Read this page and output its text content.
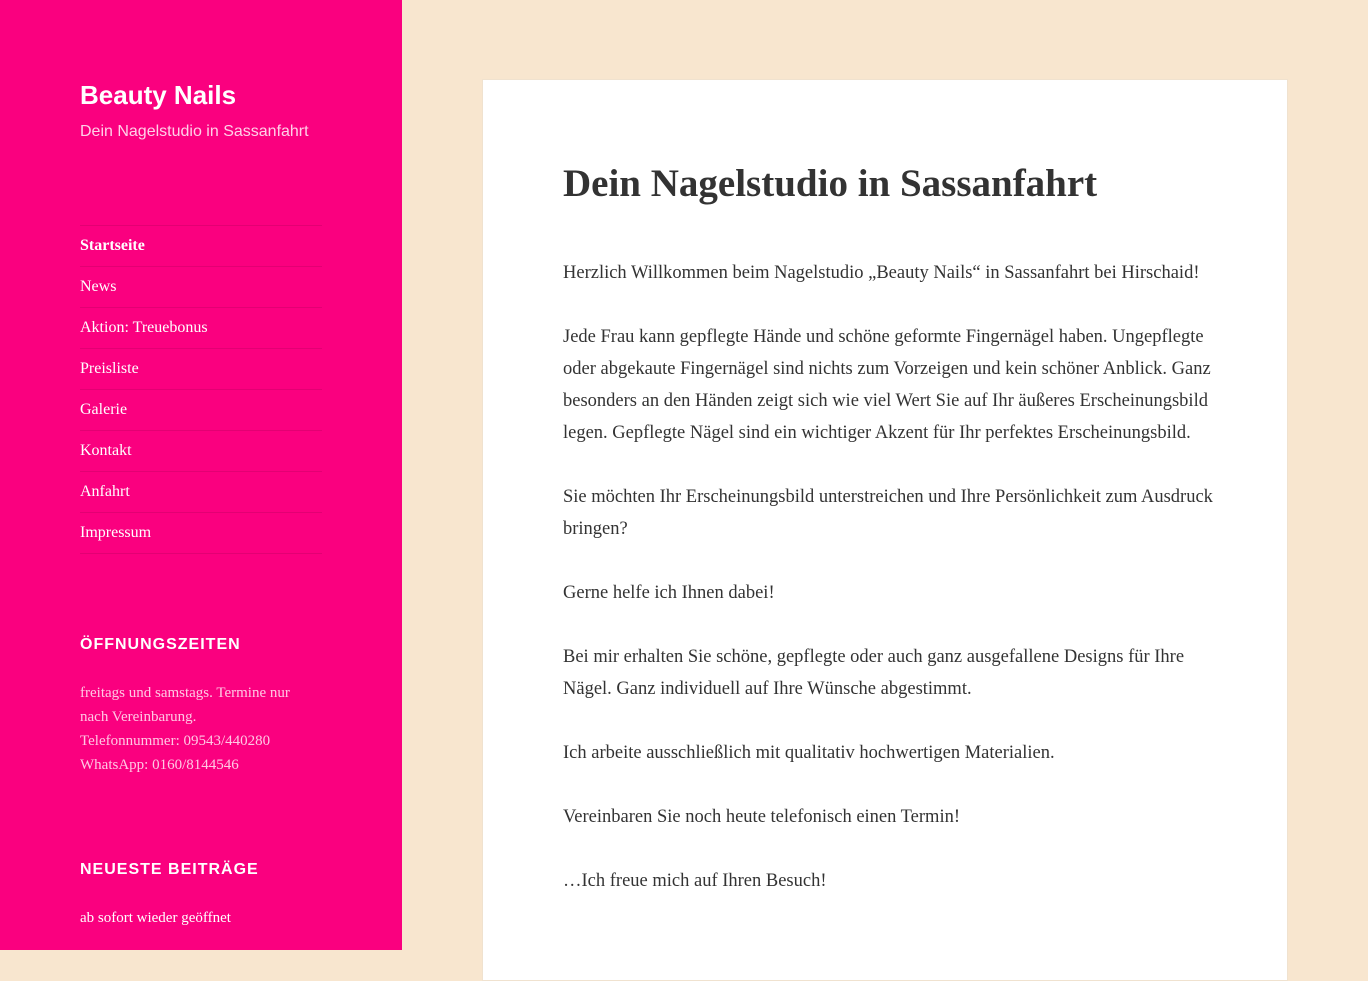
Beauty Nails
Dein Nagelstudio in Sassanfahrt
Startseite
News
Aktion: Treuebonus
Preisliste
Galerie
Kontakt
Anfahrt
Impressum
ÖFFNUNGSZEITEN
freitags und samstags. Termine nur
nach Vereinbarung.
Telefonnummer: 09543/440280
WhatsApp: 0160/8144546
NEUESTE BEITRÄGE
ab sofort wieder geöffnet
Dein Nagelstudio in Sassanfahrt

Herzlich Willkommen beim Nagelstudio „Beauty Nails“ in Sassanfahrt bei Hirschaid!

Jede Frau kann gepflegte Hände und schöne geformte Fingernägel haben. Ungepflegte oder abgekaute Fingernägel sind nichts zum Vorzeigen und kein schöner Anblick. Ganz besonders an den Händen zeigt sich wie viel Wert Sie auf Ihr äußeres Erscheinungsbild legen. Gepflegte Nägel sind ein wichtiger Akzent für Ihr perfektes Erscheinungsbild.

Sie möchten Ihr Erscheinungsbild unterstreichen und Ihre Persönlichkeit zum Ausdruck bringen?

Gerne helfe ich Ihnen dabei!

Bei mir erhalten Sie schöne, gepflegte oder auch ganz ausgefallene Designs für Ihre Nägel. Ganz individuell auf Ihre Wünsche abgestimmt.

Ich arbeite ausschließlich mit qualitativ hochwertigen Materialien.

Vereinbaren Sie noch heute telefonisch einen Termin!

…Ich freue mich auf Ihren Besuch!
